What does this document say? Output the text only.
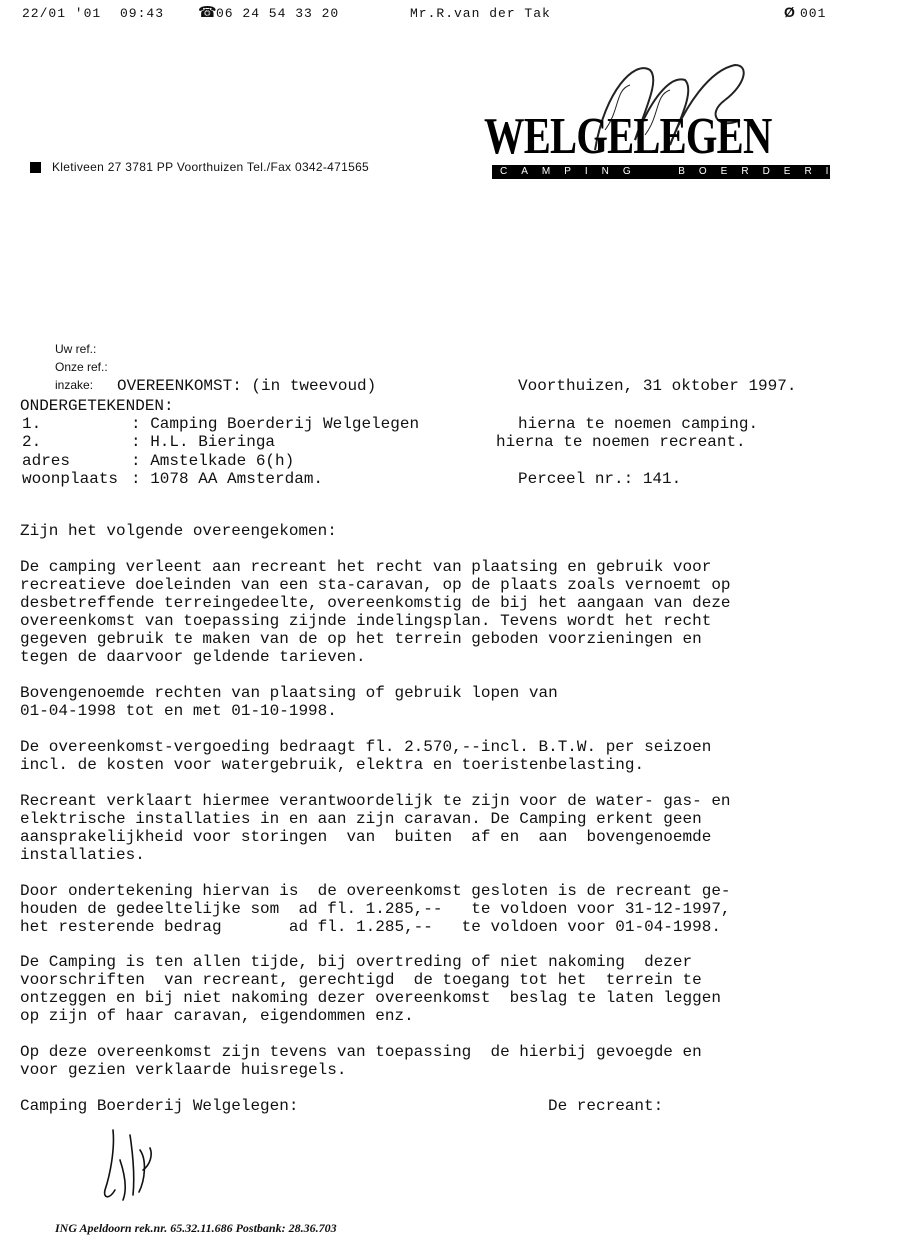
22/01 '01 09:43 ☎ 06 24 54 33 20	Mr.R.van der Tak	Ø 001
WELGELEGEN
CAMPING  BOERDERIJ
Kletiveen 27 3781 PP Voorthuizen Tel./Fax 0342-471565
Uw ref.:
Onze ref.:
inzake: OVEREENKOMST: (in tweevoud)	Voorthuizen, 31 oktober 1997.
ONDERGETEKENDEN:
1.	: Camping Boerderij Welgelegen	hierna te noemen camping.
2.	: H.L. Bieringa	hierna te noemen recreant.
adres	: Amstelkade 6(h)
woonplaats : 1078 AA Amsterdam.	Perceel nr.: 141.
Zijn het volgende overeengekomen:
De camping verleent aan recreant het recht van plaatsing en gebruik voor
recreatieve doeleinden van een sta-caravan, op de plaats zoals vernoemt op
desbetreffende terreingedeelte, overeenkomstig de bij het aangaan van deze
overeenkomst van toepassing zijnde indelingsplan. Tevens wordt het recht
gegeven gebruik te maken van de op het terrein geboden voorzieningen en
tegen de daarvoor geldende tarieven.
Bovengenoemde rechten van plaatsing of gebruik lopen van
01-04-1998 tot en met 01-10-1998.
De overeenkomst-vergoeding bedraagt fl. 2.570,--incl. B.T.W. per seizoen
incl. de kosten voor watergebruik, elektra en toeristenbelasting.
Recreant verklaart hiermee verantwoordelijk te zijn voor de water- gas- en
elektrische installaties in en aan zijn caravan. De Camping erkent geen
aansprakelijkheid voor storingen  van  buiten  af en  aan  bovengenoemde
installaties.
Door ondertekening hiervan is  de overeenkomst gesloten is de recreant ge-
houden de gedeeltelijke som  ad fl. 1.285,--   te voldoen voor 31-12-1997,
het resterende bedrag       ad fl. 1.285,--   te voldoen voor 01-04-1998.
De Camping is ten allen tijde, bij overtreding of niet nakoming  dezer
voorschriften  van recreant, gerechtigd  de toegang tot het  terrein te
ontzeggen en bij niet nakoming dezer overeenkomst  beslag te laten leggen
op zijn of haar caravan, eigendommen enz.
Op deze overeenkomst zijn tevens van toepassing  de hierbij gevoegde en
voor gezien verklaarde huisregels.
Camping Boerderij Welgelegen:	De recreant:
ING Apeldoorn rek.nr. 65.32.11.686 Postbank: 28.36.703
